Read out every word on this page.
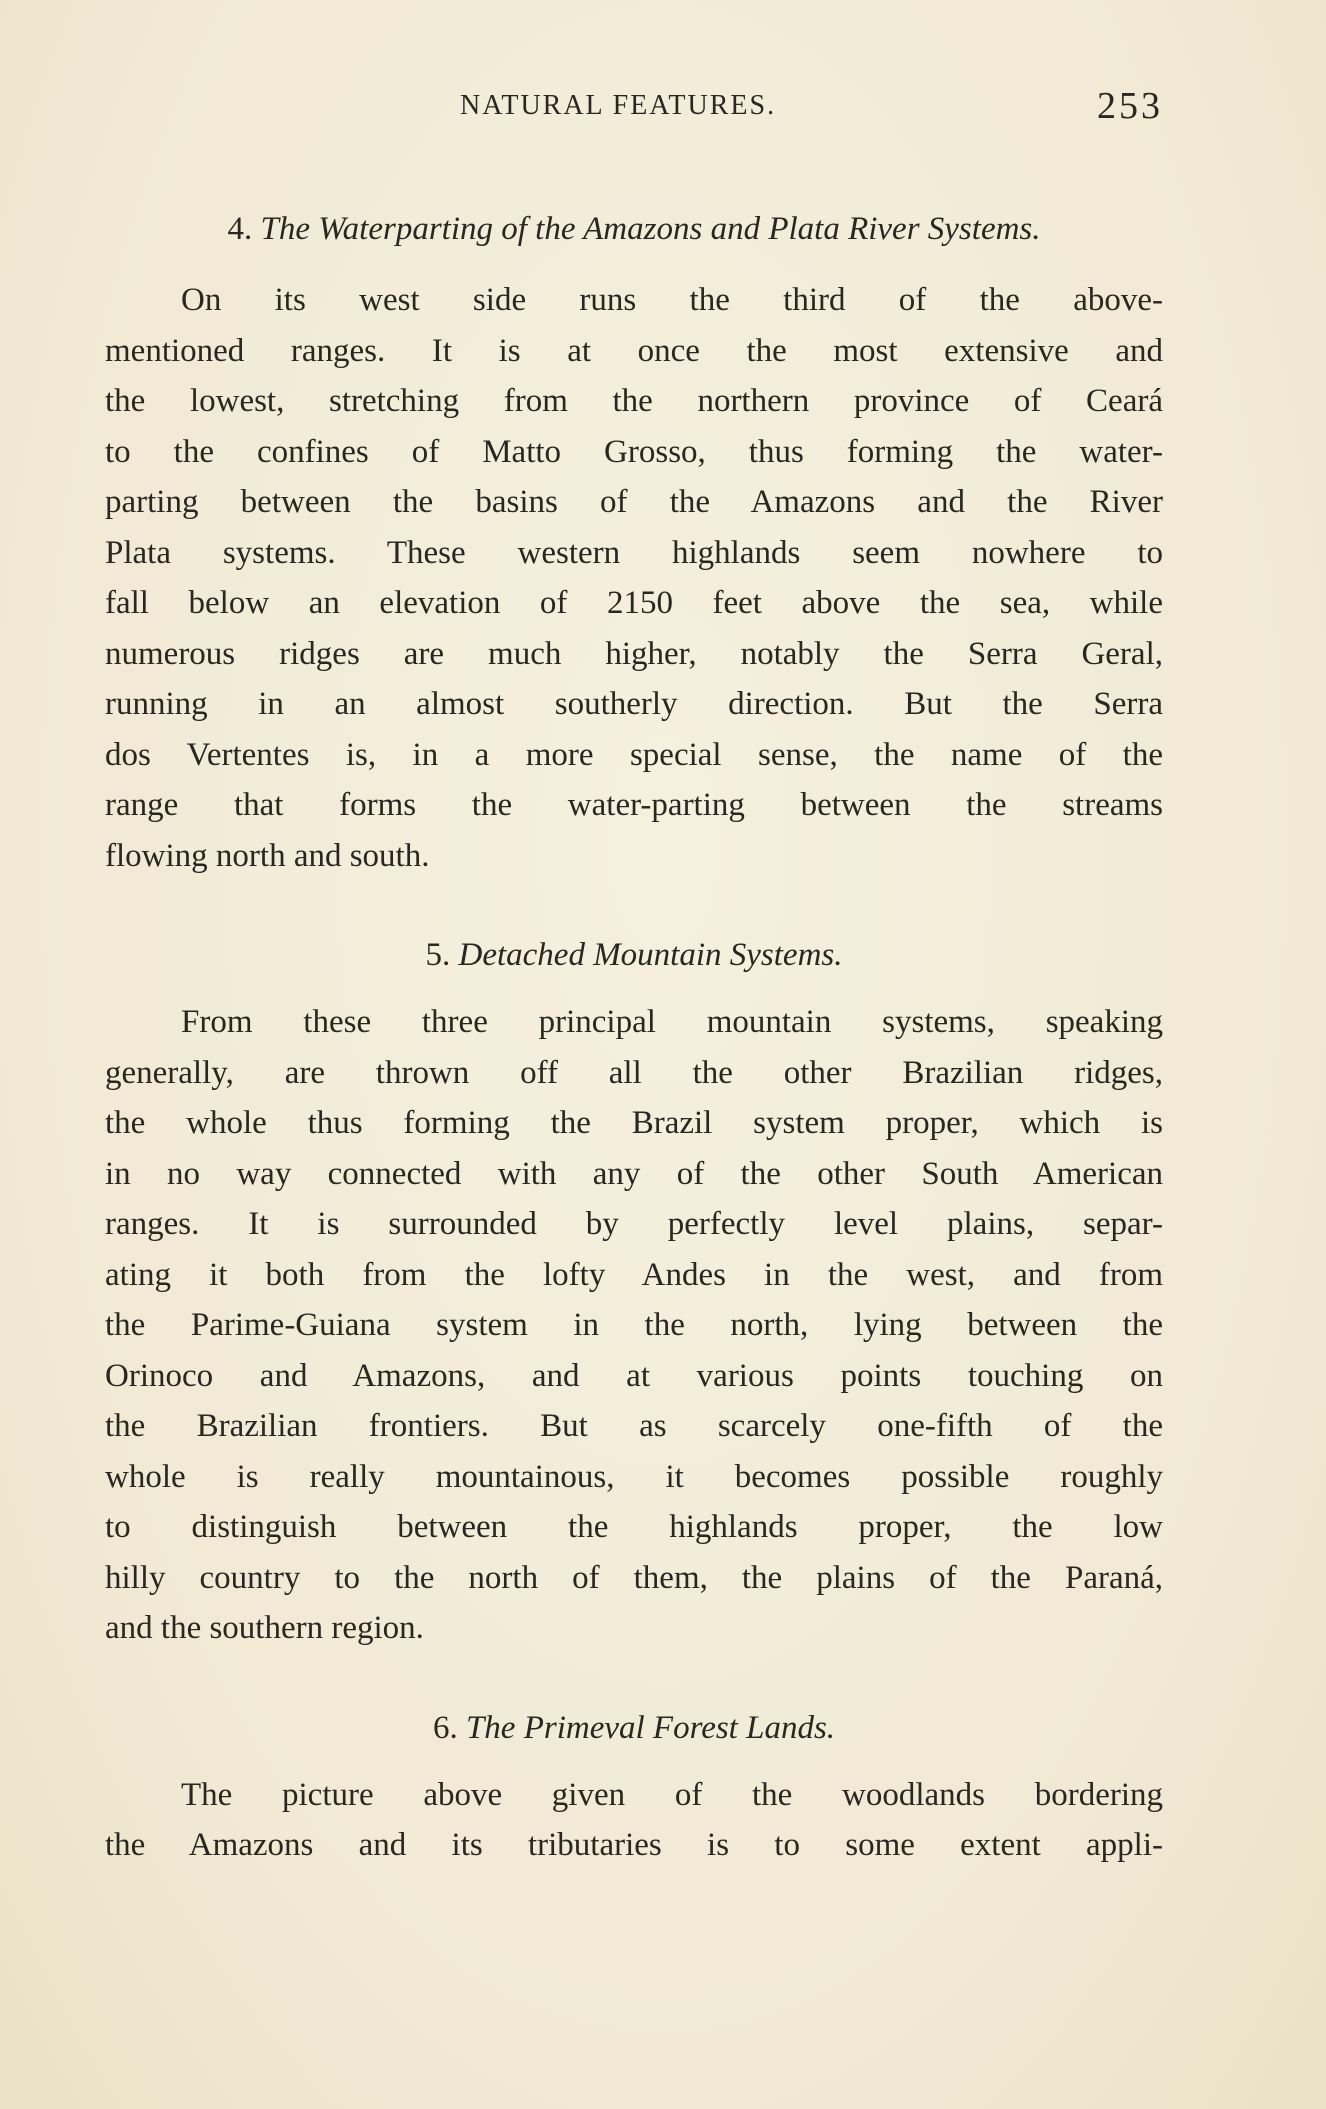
NATURAL FEATURES.	253

4. The Waterparting of the Amazons and Plata River Systems.

On its west side runs the third of the above-
mentioned ranges. It is at once the most extensive and
the lowest, stretching from the northern province of Ceará
to the confines of Matto Grosso, thus forming the water-
parting between the basins of the Amazons and the River
Plata systems. These western highlands seem nowhere to
fall below an elevation of 2150 feet above the sea, while
numerous ridges are much higher, notably the Serra Geral,
running in an almost southerly direction. But the Serra
dos Vertentes is, in a more special sense, the name of the
range that forms the water-parting between the streams
flowing north and south.

5. Detached Mountain Systems.

From these three principal mountain systems, speaking
generally, are thrown off all the other Brazilian ridges,
the whole thus forming the Brazil system proper, which is
in no way connected with any of the other South American
ranges. It is surrounded by perfectly level plains, separ-
ating it both from the lofty Andes in the west, and from
the Parime-Guiana system in the north, lying between the
Orinoco and Amazons, and at various points touching on
the Brazilian frontiers. But as scarcely one-fifth of the
whole is really mountainous, it becomes possible roughly
to distinguish between the highlands proper, the low
hilly country to the north of them, the plains of the Paraná,
and the southern region.

6. The Primeval Forest Lands.

The picture above given of the woodlands bordering
the Amazons and its tributaries is to some extent appli-
